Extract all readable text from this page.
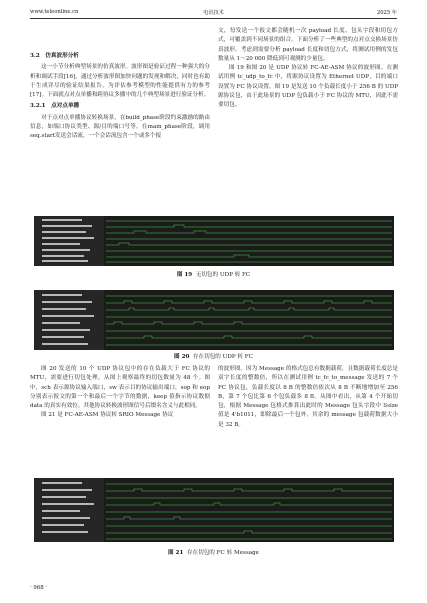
www.teleonline.cn	电讯技术	2025 年

3.2　仿真波形分析

这一小节分析典型场景的仿真波形。波形图是验证过程一种强大的分析和调试手段[16]，通过分析波形图加快问题的发现和解决，同时也有助于生成详尽的验证结果报告，为评估参考模型的性能提供有力的参考[17]。下面就点对点单播和跨协议多播中的几个典型场景进行验证分析。

3.2.1　点对点单播

对于点对点单播协议转换场景，在build_phase阶段约束激励的路由信息，如端口协议类型、源/目的端口号等。在main_phase阶段，调用seq.start发送会话流，一个会话流包含一个或多个报

文，每发送一个报文都会随机一次 payload 长度、包头字段和切包方式，可覆盖到不同场景的组合。下面分析了一些典型的点对点交换场景仿真波形。考虑到需要分析 payload 长度和切包方式，将测试用例的发包数量从 1～20 000 降低到可观测的少量包。

图 19 和图 20 是 UDP 协议转 FC-AE-ASM 协议的波形图。在测试用例 tc_udp_to_fc 中，将源协议设置为 Ethernet UDP，目的端口设置为 FC 协议设置。图 19 是发送 10 个负载长度小于 256 B 的 UDP 源协议包，由于此场景的 UDP 包负载小于 FC 协议的 MTU，因此不需要切包。

图 19 无切包的 UDP 转 FC
图 20 存在切包的 UDP 转 FC

图 20 发送的 10 个 UDP 协议包中的存在负载大于 FC 协议的 MTU，需要进行切包处理，从图上观察最终的切包数量为 48 个。图中，sch 表示源协议输入端口，sw 表示目的协议输出端口，sop 和 eop 分别表示报文的第一个和最后一个字节的数据，keep 值指示协议数据 data 的真实有效位。其他协议转换波形图信号后缀名含义与此相同。

图 21 是 FC-AE-ASM 协议转 SRIO Message 协议

的波形图。因为 Message 的格式包总有数据载荷，且数据载荷长度总是双字长度的整数倍，所以在测试用例 tc_fc_to_message 发送的 7 个 FC 协议包，负载长度以 8 B 的整数倍依次从 8 B 不断地增加至 256 B，第 7 个包比第 6 个包负载多 8 B。从图中看出，从第 4 个开始切包，根据 Message 包格式推算出此时的 Message 包头字段中 Ssize 值是 4'b1011，即除最后一个包外，其余的 message 包载荷数据大小是 32 B。

图 21 存在切包的 FC 转 Message
· 968 ·
